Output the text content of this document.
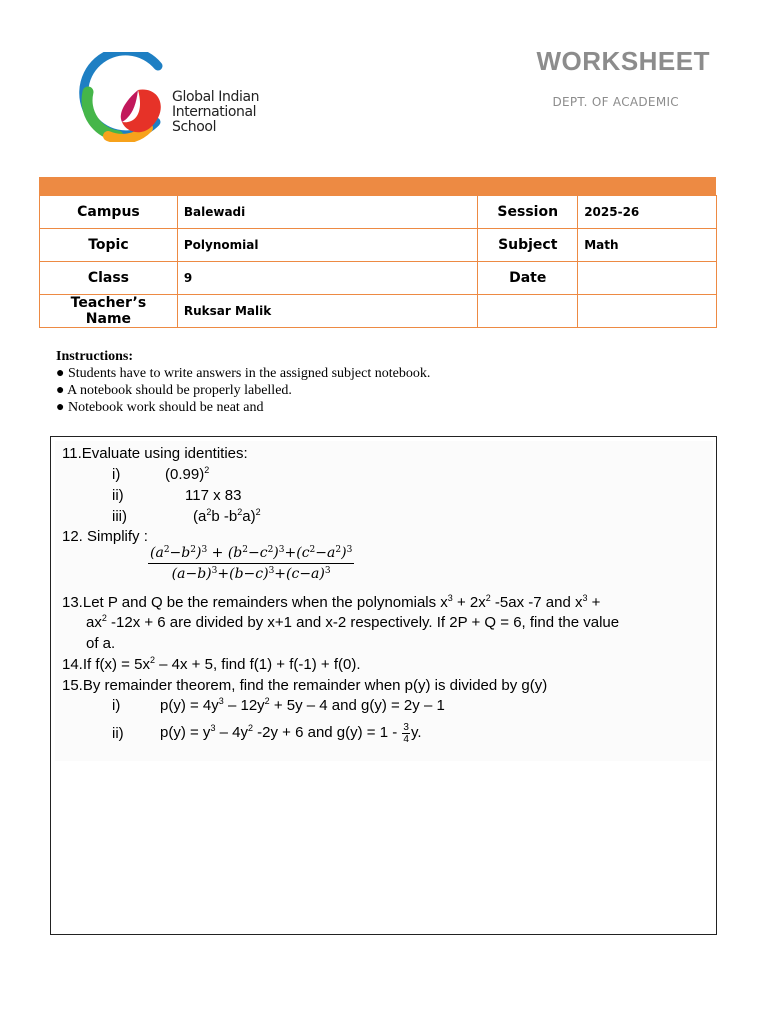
Global Indian
International
School
WORKSHEET
DEPT. OF ACADEMIC
Campus	Balewadi	Session	2025-26
Topic	Polynomial	Subject	Math
Class	9	Date	
Teacher’s Name	Ruksar Malik		
Instructions:
● Students have to write answers in the assigned subject notebook.
● A notebook should be properly labelled.
● Notebook work should be neat and
11.Evaluate using identities:
i)	$(0.99)^2$
ii)	117 x 83
iii)	($a^2b$ $-b^2a)^2$
12. Simplify :
$\frac{(a^2-b^2)^3 + (b^2-c^2)^3+(c^2-a^2)^3}{(a-b)^3+(b-c)^3+(c-a)^3}$
13.Let P and Q be the remainders when the polynomials $x^3 + 2x^2$ -5ax -7 and $x^3$ +
$ax^2$ -12x + 6 are divided by x+1 and x-2 respectively. If 2P + Q = 6, find the value
of a.
14.If $f(x) = 5x^2 - 4x + 5$, find f(1) + f(-1) + f(0).
15.By remainder theorem, find the remainder when p(y) is divided by g(y)
i)	$p(y) = 4y^3 - 12y^2 + 5y - 4$ and g(y) = 2y – 1
ii) $p(y) = y^3 - 4y^2$ -2y + 6 and $g(y) = 1 - \frac{3}{4} y$.
